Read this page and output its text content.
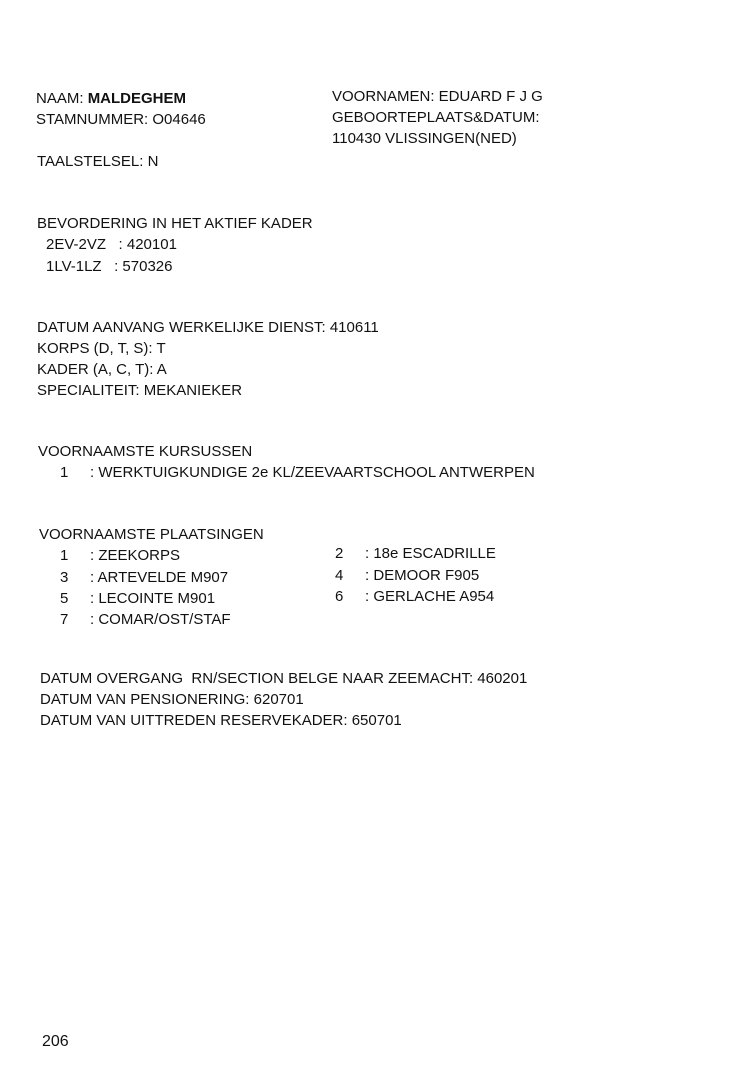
NAAM: MALDEGHEM
STAMNUMMER: O04646
TAALSTELSEL: N
VOORNAMEN: EDUARD F J G
GEBOORTEPLAATS&DATUM:
110430 VLISSINGEN(NED)
BEVORDERING IN HET AKTIEF KADER
2EV-2VZ   : 420101
1LV-1LZ   : 570326
DATUM AANVANG WERKELIJKE DIENST: 410611
KORPS (D, T, S): T
KADER (A, C, T): A
SPECIALITEIT: MEKANIEKER
VOORNAAMSTE KURSUSSEN
1 : WERKTUIGKUNDIGE 2e KL/ZEEVAARTSCHOOL ANTWERPEN
VOORNAAMSTE PLAATSINGEN
1 : ZEEKORPS
3 : ARTEVELDE M907
5 : LECOINTE M901
7 : COMAR/OST/STAF
2 : 18e ESCADRILLE
4 : DEMOOR F905
6 : GERLACHE A954
DATUM OVERGANG  RN/SECTION BELGE NAAR ZEEMACHT: 460201
DATUM VAN PENSIONERING: 620701
DATUM VAN UITTREDEN RESERVEKADER: 650701
206
